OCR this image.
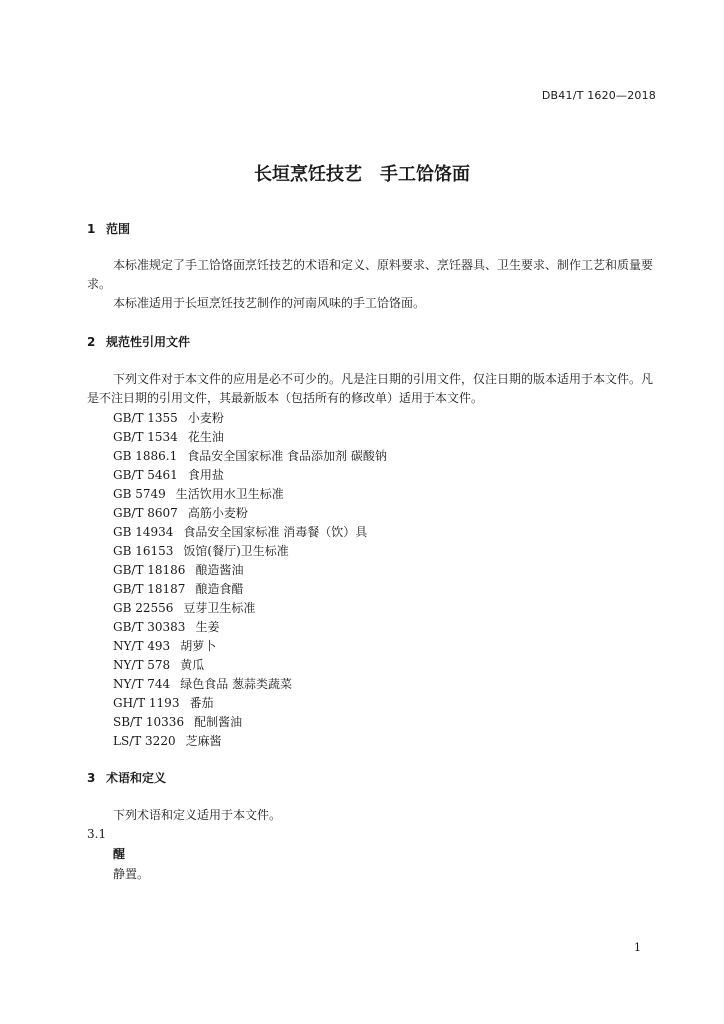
DB41/T 1620—2018
长垣烹饪技艺　手工饸饹面
1 范围

本标准规定了手工饸饹面烹饪技艺的术语和定义、原料要求、烹饪器具、卫生要求、制作工艺和质量要求。

本标准适用于长垣烹饪技艺制作的河南风味的手工饸饹面。

2 规范性引用文件

下列文件对于本文件的应用是必不可少的。凡是注日期的引用文件，仅注日期的版本适用于本文件。凡是不注日期的引用文件，其最新版本（包括所有的修改单）适用于本文件。

GB/T 1355 小麦粉
GB/T 1534 花生油
GB 1886.1 食品安全国家标准 食品添加剂 碳酸钠
GB/T 5461 食用盐
GB 5749 生活饮用水卫生标准
GB/T 8607 高筋小麦粉
GB 14934 食品安全国家标准 消毒餐（饮）具
GB 16153 饭馆(餐厅)卫生标准
GB/T 18186 酿造酱油
GB/T 18187 酿造食醋
GB 22556 豆芽卫生标准
GB/T 30383 生姜
NY/T 493 胡萝卜
NY/T 578 黄瓜
NY/T 744 绿色食品 葱蒜类蔬菜
GH/T 1193 番茄
SB/T 10336 配制酱油
LS/T 3220 芝麻酱
3 术语和定义

下列术语和定义适用于本文件。

3.1
醒
静置。
1
